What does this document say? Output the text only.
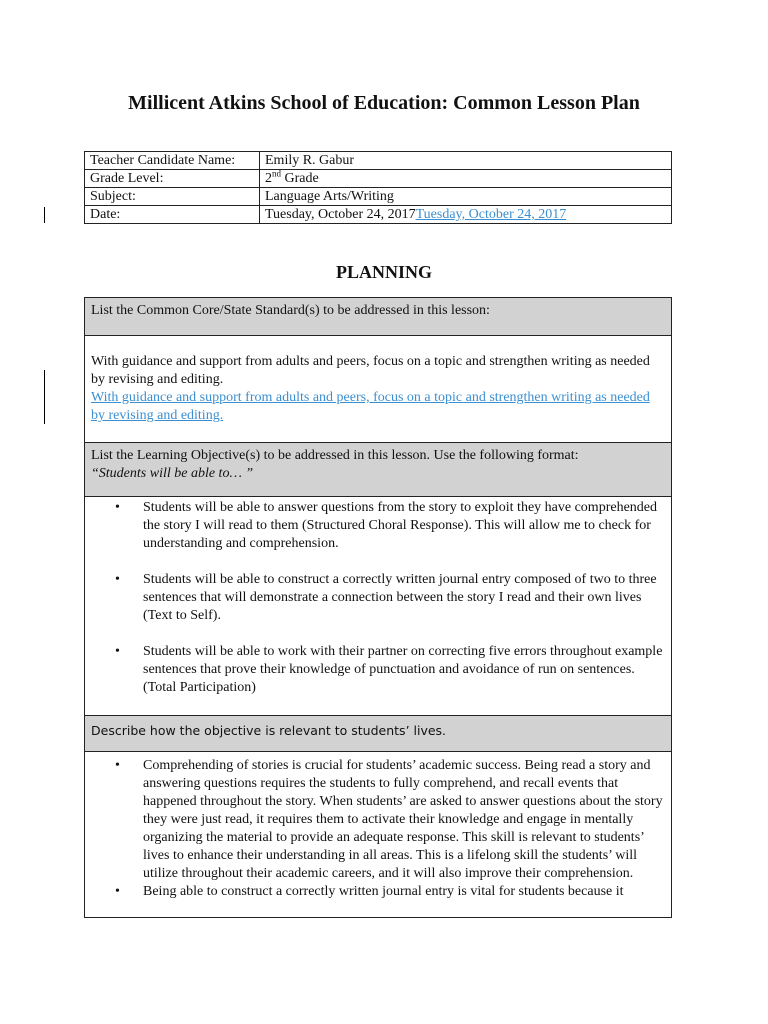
Millicent Atkins School of Education: Common Lesson Plan
Teacher Candidate Name:	Emily R. Gabur
Grade Level:	2nd Grade
Subject:	Language Arts/Writing
Date:	Tuesday, October 24, 2017Tuesday, October 24, 2017
PLANNING
List the Common Core/State Standard(s) to be addressed in this lesson:
With guidance and support from adults and peers, focus on a topic and strengthen writing as needed by revising and editing.
With guidance and support from adults and peers, focus on a topic and strengthen writing as needed by revising and editing.
List the Learning Objective(s) to be addressed in this lesson. Use the following format:
“Students will be able to… ”
• Students will be able to answer questions from the story to exploit they have comprehended the story I will read to them (Structured Choral Response). This will allow me to check for understanding and comprehension.
• Students will be able to construct a correctly written journal entry composed of two to three sentences that will demonstrate a connection between the story I read and their own lives (Text to Self).
• Students will be able to work with their partner on correcting five errors throughout example sentences that prove their knowledge of punctuation and avoidance of run on sentences. (Total Participation)
Describe how the objective is relevant to students’ lives.
• Comprehending of stories is crucial for students’ academic success. Being read a story and answering questions requires the students to fully comprehend, and recall events that happened throughout the story. When students’ are asked to answer questions about the story they were just read, it requires them to activate their knowledge and engage in mentally organizing the material to provide an adequate response. This skill is relevant to students’ lives to enhance their understanding in all areas. This is a lifelong skill the students’ will utilize throughout their academic careers, and it will also improve their comprehension.
• Being able to construct a correctly written journal entry is vital for students because it
